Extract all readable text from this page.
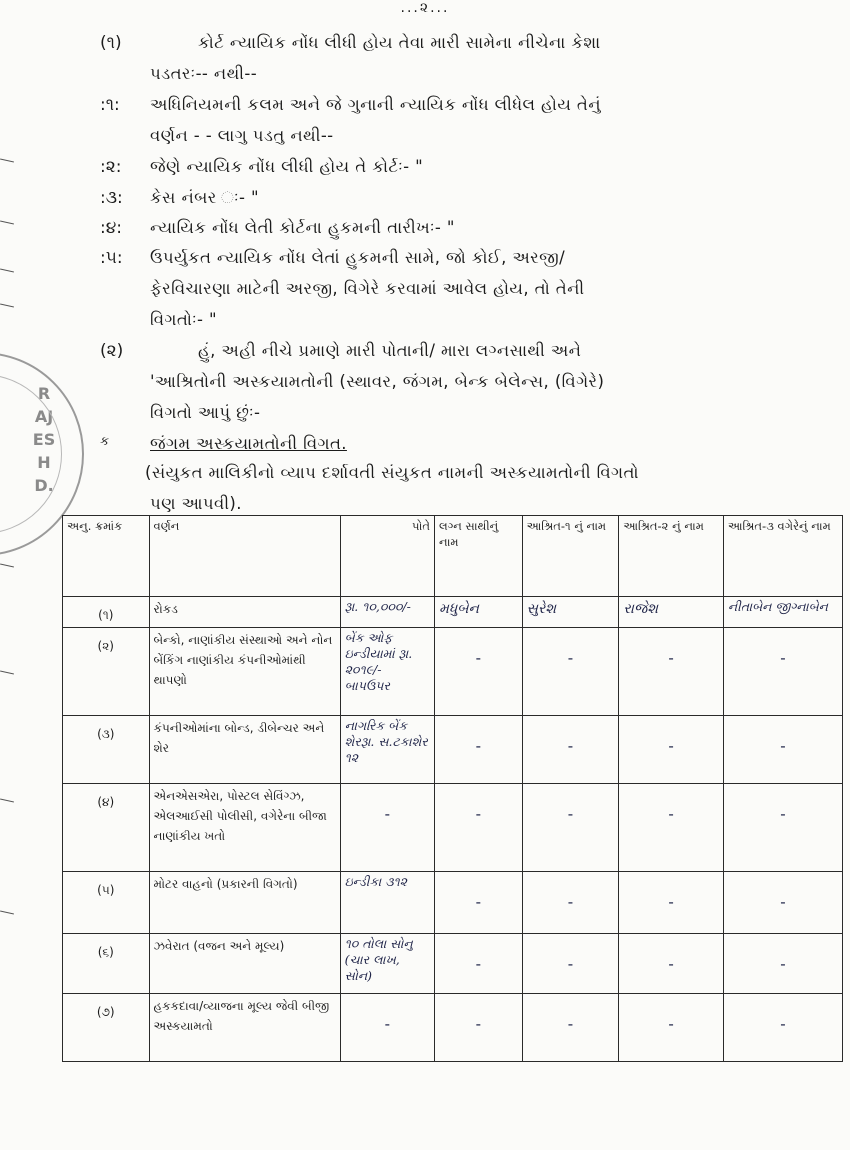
...૨...
RAJESH D.
(૧)	કોર્ટ ન્યાયિક નોંધ લીધી હોય તેવા મારી સામેના નીચેના કેશા
પડતરઃ-- નથી--
:૧: અધિનિયમની કલમ અને જે ગુનાની ન્યાયિક નોંધ લીધેલ હોય તેનું
વર્ણન - - લાગુ પડતુ નથી--
:૨: જેણે ન્યાયિક નોંધ લીધી હોય તે કોર્ટઃ- "
:૩: કેસ નંબર ઃ- "
:૪: ન્યાયિક નોંધ લેતી કોર્ટના હુકમની તારીખઃ- "
:૫: ઉપર્યુકત ન્યાયિક નોંધ લેતાં હુકમની સામે, જો કોઈ, અરજી/
ફેરવિચારણા માટેની અરજી, વિગેરે કરવામાં આવેલ હોય, તો તેની
વિગતોઃ- "
(૨)	હું, અહી નીચે પ્રમાણે મારી પોતાની/ મારા લગ્નસાથી અને
'આશ્રિતોની અસ્કયામતોની (સ્થાવર, જંગમ, બેન્ક બેલેન્સ, (વિગેરે)
વિગતો આપું છુંઃ-
ક જંગમ અસ્કયામતોની વિગત.
(સંયુકત માલિકીનો વ્યાપ દર્શાવતી સંયુકત નામની અસ્કયામતોની વિગતો
પણ આપવી).
અનુ. ક્રમાંક	વર્ણન	પોતે	લગ્ન સાથીનું નામ	આશ્રિત-૧ નું નામ	આશ્રિત-૨ નું નામ	આશ્રિત-૩ વગેરેનું નામ

(૧)	રોકડ	રૂા. ૧૦,૦૦૦/-	મધુબેન	સુરેશ	રાજેશ	નીતાબેન જીગ્નાબેન

(૨)	બેન્કો, નાણાંકીય સંસ્થાઓ અને નોન બેંકિંગ નાણાંકીય કંપનીઓમાંથી થાપણો	બેંક ઓફ ઇન્ડીયામાં રૂા. ૨૦૧૯/- બાપઉપર	-	-	-	-

(૩)	કંપનીઓમાંના બોન્ડ, ડીબેન્ચર અને શેર	નાગરિક બેંક શેરરૂા. સ.ટકાશેર ૧૨	-	-	-	-

(૪)	એનએસએરા, પોસ્ટલ સેવિંગ્ઝ, એલઆઈસી પોલીસી, વગેરેના બીજા નાણાંકીય ખતો	-	-	-	-	-

(૫)	મોટર વાહનો (પ્રકારની વિગતો)	ઇન્ડીકા ૩૧૨	-	-	-	-

(૬)	ઝવેરાત (વજન અને મૂલ્ય)	૧૦ તોલા સોનુ (ચાર લાખ, સોન)	-	-	-	-

(૭)	હકકદાવા/વ્યાજના મૂલ્ય જેવી બીજી અસ્કયામતો	-	-	-	-	-
